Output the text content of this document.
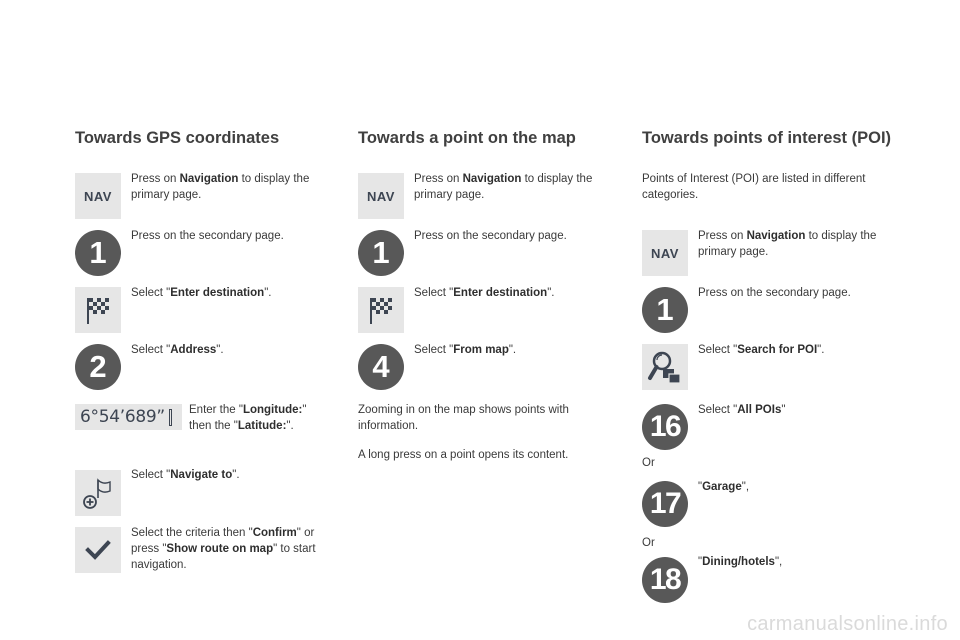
Towards GPS coordinates
NAV
Press on Navigation to display the primary page.
1	Press on the secondary page.
Select "Enter destination".
2	Select "Address".
6°54’689” Enter the "Longitude:" then the "Latitude:".
Select "Navigate to".
Select the criteria then "Confirm" or press "Show route on map" to start navigation.
Towards a point on the map
NAV
Press on Navigation to display the primary page.
1	Press on the secondary page.
Select "Enter destination".
4	Select "From map".
Zooming in on the map shows points with information.
A long press on a point opens its content.
Towards points of interest (POI)
Points of Interest (POI) are listed in different categories.
NAV
Press on Navigation to display the primary page.
1	Press on the secondary page.
Select "Search for POI".
16	Select "All POIs"
Or
17	"Garage",
Or
18
"Dining/hotels",
carmanualsonline.info
